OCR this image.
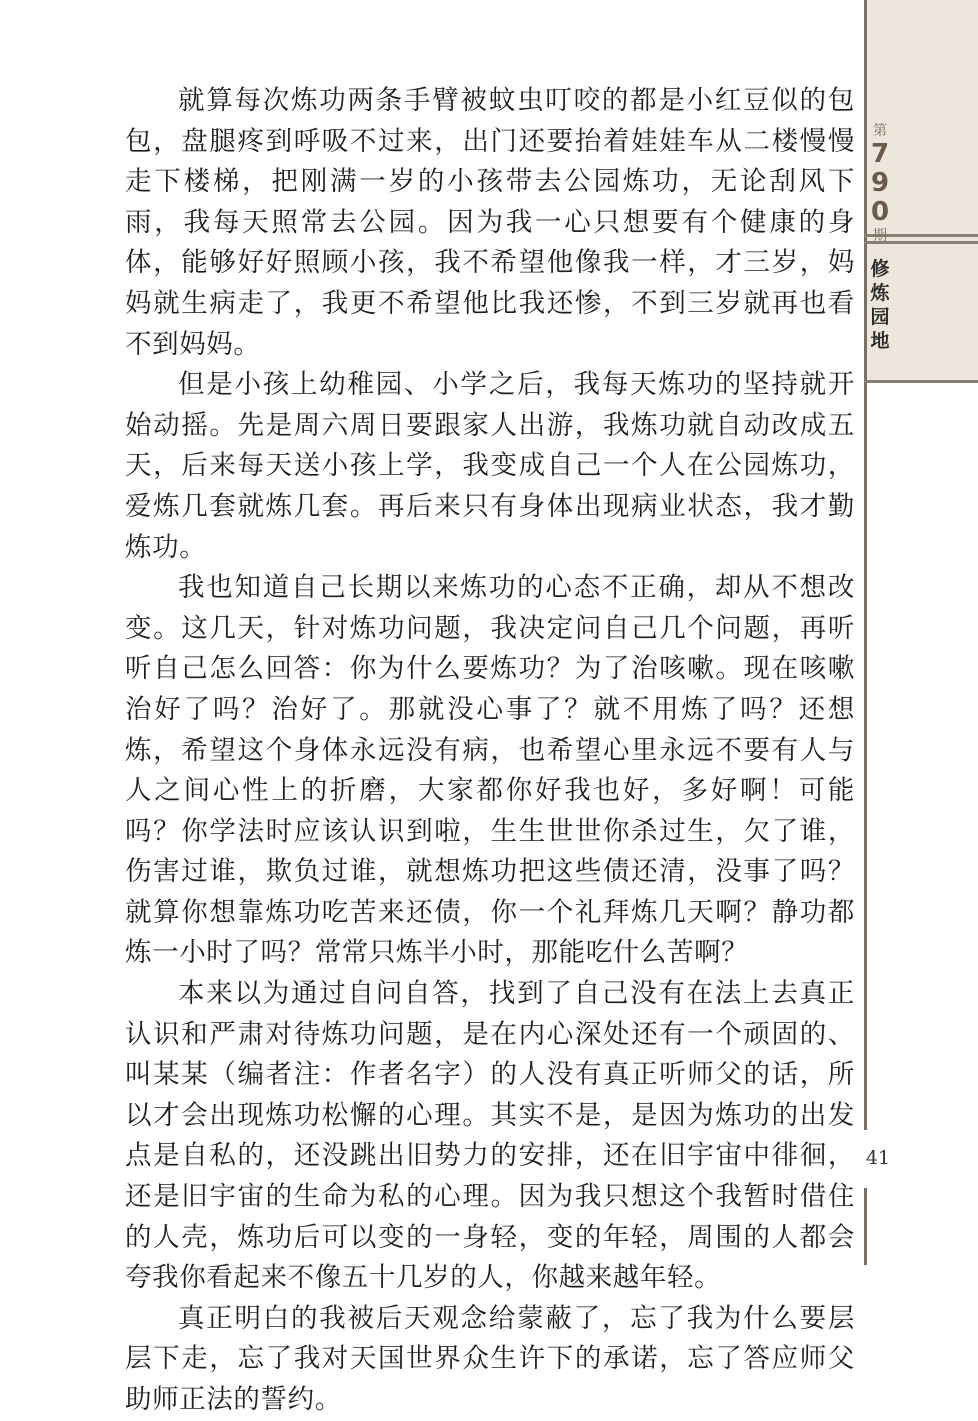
第
7
9
0
期
修
炼
园
地

就算每次炼功两条手臂被蚊虫叮咬的都是小红豆似的包包，盘腿疼到呼吸不过来，出门还要抬着娃娃车从二楼慢慢走下楼梯，把刚满一岁的小孩带去公园炼功，无论刮风下雨，我每天照常去公园。因为我一心只想要有个健康的身体，能够好好照顾小孩，我不希望他像我一样，才三岁，妈妈就生病走了，我更不希望他比我还惨，不到三岁就再也看不到妈妈。

但是小孩上幼稚园、小学之后，我每天炼功的坚持就开始动摇。先是周六周日要跟家人出游，我炼功就自动改成五天，后来每天送小孩上学，我变成自己一个人在公园炼功，爱炼几套就炼几套。再后来只有身体出现病业状态，我才勤炼功。

我也知道自己长期以来炼功的心态不正确，却从不想改变。这几天，针对炼功问题，我决定问自己几个问题，再听听自己怎么回答：你为什么要炼功？为了治咳嗽。现在咳嗽治好了吗？治好了。那就没心事了？就不用炼了吗？还想炼，希望这个身体永远没有病，也希望心里永远不要有人与人之间心性上的折磨，大家都你好我也好，多好啊！可能吗？你学法时应该认识到啦，生生世世你杀过生，欠了谁，伤害过谁，欺负过谁，就想炼功把这些债还清，没事了吗？就算你想靠炼功吃苦来还债，你一个礼拜炼几天啊？静功都炼一小时了吗？常常只炼半小时，那能吃什么苦啊？

本来以为通过自问自答，找到了自己没有在法上去真正认识和严肃对待炼功问题，是在内心深处还有一个顽固的、叫某某（编者注：作者名字）的人没有真正听师父的话，所以才会出现炼功松懈的心理。其实不是，是因为炼功的出发点是自私的，还没跳出旧势力的安排，还在旧宇宙中徘徊，还是旧宇宙的生命为私的心理。因为我只想这个我暂时借住的人壳，炼功后可以变的一身轻，变的年轻，周围的人都会夸我你看起来不像五十几岁的人，你越来越年轻。

真正明白的我被后天观念给蒙蔽了，忘了我为什么要层层下走，忘了我对天国世界众生许下的承诺，忘了答应师父助师正法的誓约。

41
